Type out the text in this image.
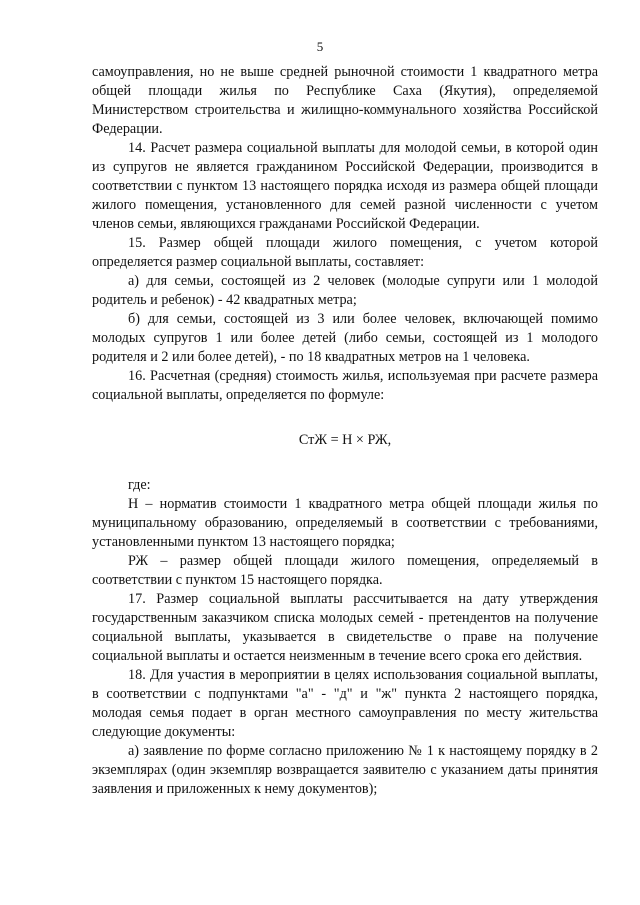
5

самоуправления, но не выше средней рыночной стоимости 1 квадратного метра общей площади жилья по Республике Саха (Якутия), определяемой Министерством строительства и жилищно-коммунального хозяйства Российской Федерации.

14. Расчет размера социальной выплаты для молодой семьи, в которой один из супругов не является гражданином Российской Федерации, производится в соответствии с пунктом 13 настоящего порядка исходя из размера общей площади жилого помещения, установленного для семей разной численности с учетом членов семьи, являющихся гражданами Российской Федерации.

15. Размер общей площади жилого помещения, с учетом которой определяется размер социальной выплаты, составляет:

а) для семьи, состоящей из 2 человек (молодые супруги или 1 молодой родитель и ребенок) - 42 квадратных метра;

б) для семьи, состоящей из 3 или более человек, включающей помимо молодых супругов 1 или более детей (либо семьи, состоящей из 1 молодого родителя и 2 или более детей), - по 18 квадратных метров на 1 человека.

16. Расчетная (средняя) стоимость жилья, используемая при расчете размера социальной выплаты, определяется по формуле:

СтЖ = Н × РЖ,

где:

Н – норматив стоимости 1 квадратного метра общей площади жилья по муниципальному образованию, определяемый в соответствии с требованиями, установленными пунктом 13 настоящего порядка;

РЖ – размер общей площади жилого помещения, определяемый в соответствии с пунктом 15 настоящего порядка.

17. Размер социальной выплаты рассчитывается на дату утверждения государственным заказчиком списка молодых семей - претендентов на получение социальной выплаты, указывается в свидетельстве о праве на получение социальной выплаты и остается неизменным в течение всего срока его действия.

18. Для участия в мероприятии в целях использования социальной выплаты, в соответствии с подпунктами "а" - "д" и "ж" пункта 2 настоящего порядка, молодая семья подает в орган местного самоуправления по месту жительства следующие документы:

а) заявление по форме согласно приложению № 1 к настоящему порядку в 2 экземплярах (один экземпляр возвращается заявителю с указанием даты принятия заявления и приложенных к нему документов);
